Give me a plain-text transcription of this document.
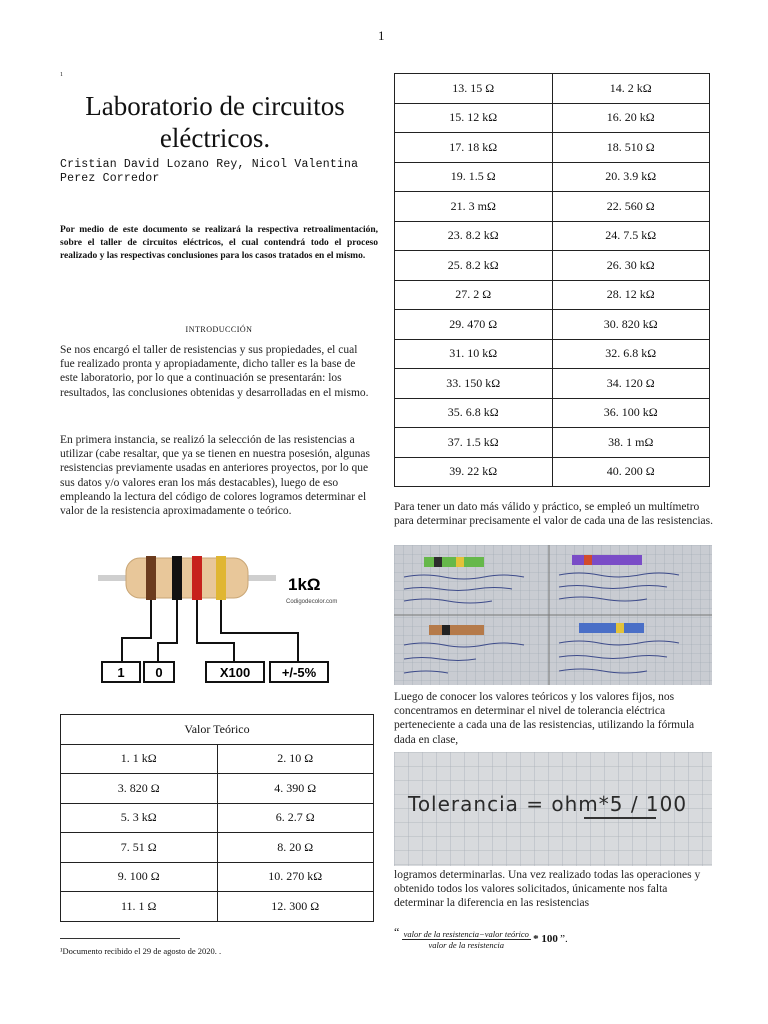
1
1
Laboratorio de circuitos eléctricos.
Cristian David Lozano Rey, Nicol Valentina Perez Corredor
Por medio de este documento se realizará la respectiva retroalimentación, sobre el taller de circuitos eléctricos, el cual contendrá todo el proceso realizado y las respectivas conclusiones para los casos tratados en el mismo.
INTRODUCCIÓN
Se nos encargó el taller de resistencias y sus propiedades, el cual fue realizado pronta y apropiadamente, dicho taller es la base de este laboratorio, por lo que a continuación se presentarán: los resultados, las conclusiones obtenidas y desarrolladas en el mismo.
En primera instancia, se realizó la selección de las resistencias a utilizar (cabe resaltar, que ya se tienen en nuestra posesión, algunas resistencias previamente usadas en anteriores proyectos, por lo que sus datos y/o valores eran los más destacables), luego de eso empleando la lectura del código de colores logramos determinar el valor de la resistencia aproximadamente o teórico.
1kΩ
Codigodecolor.com
1 0	X100 +/-5%
Valor Teórico	
1. 1 kΩ	2. 10 Ω
3. 820 Ω	4. 390 Ω
5. 3 kΩ	6. 2.7 Ω
7. 51 Ω	8. 20 Ω
9. 100 Ω	10. 270 kΩ
11. 1 Ω	12. 300 Ω
¹Documento recibido el 29 de agosto de 2020. .
13. 15 Ω	14. 2 kΩ
15. 12 kΩ	16. 20 kΩ
17. 18 kΩ	18. 510 Ω
19. 1.5 Ω	20. 3.9 kΩ
21. 3 mΩ	22. 560 Ω
23. 8.2 kΩ	24. 7.5 kΩ
25. 8.2 kΩ	26. 30 kΩ
27. 2 Ω	28. 12 kΩ
29. 470 Ω	30. 820 kΩ
31. 10 kΩ	32. 6.8 kΩ
33. 150 kΩ	34. 120 Ω
35. 6.8 kΩ	36. 100 kΩ
37. 1.5 kΩ	38. 1 mΩ
39. 22 kΩ	40. 200 Ω
Para tener un dato más válido y práctico, se empleó un multímetro para determinar precisamente el valor de cada una de las resistencias.
Luego de conocer los valores teóricos y los valores fijos, nos concentramos en determinar el nivel de tolerancia eléctrica perteneciente a cada una de las resistencias, utilizando la fórmula dada en clase,
Tolerancia = ohm*5 / 100
logramos determinarlas. Una vez realizado todas las operaciones y obtenido todos los valores solicitados, únicamente nos falta determinar la diferencia en las resistencias
“ valor de la resistencia−valor teórico
valor de la resistencia
* 100 ”.
